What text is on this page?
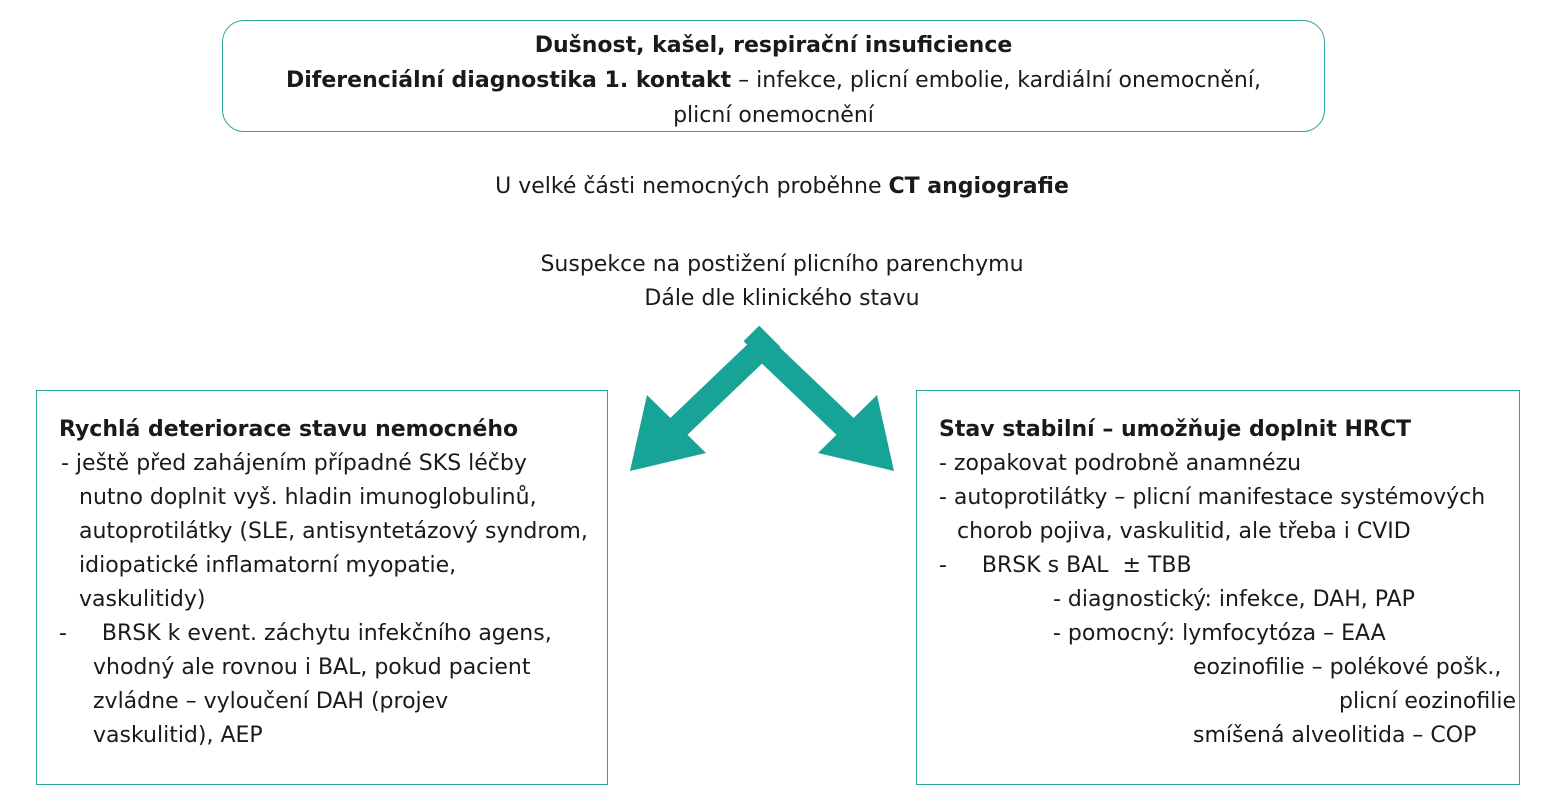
Dušnost, kašel, respirační insuficience
Diferenciální diagnostika 1. kontakt – infekce, plicní embolie, kardiální onemocnění, plicní onemocnění
U velké části nemocných proběhne CT angiografie
Suspekce na postižení plicního parenchymu
Dále dle klinického stavu
Rychlá deteriorace stavu nemocného
- ještě před zahájením případné SKS léčby
nutno doplnit vyš. hladin imunoglobulinů,
autoprotilátky (SLE, antisyntetázový syndrom,
idiopatické inflamatorní myopatie,
vaskulitidy)
-     BRSK k event. záchytu infekčního agens,
vhodný ale rovnou i BAL, pokud pacient
zvládne – vyloučení DAH (projev
vaskulitid), AEP
Stav stabilní – umožňuje doplnit HRCT
- zopakovat podrobně anamnézu
- autoprotilátky – plicní manifestace systémových
chorob pojiva, vaskulitid, ale třeba i CVID
-     BRSK s BAL  ± TBB
- diagnostický: infekce, DAH, PAP
- pomocný: lymfocytóza – EAA
eozinofilie – polékové pošk.,
plicní eozinofilie
smíšená alveolitida – COP
